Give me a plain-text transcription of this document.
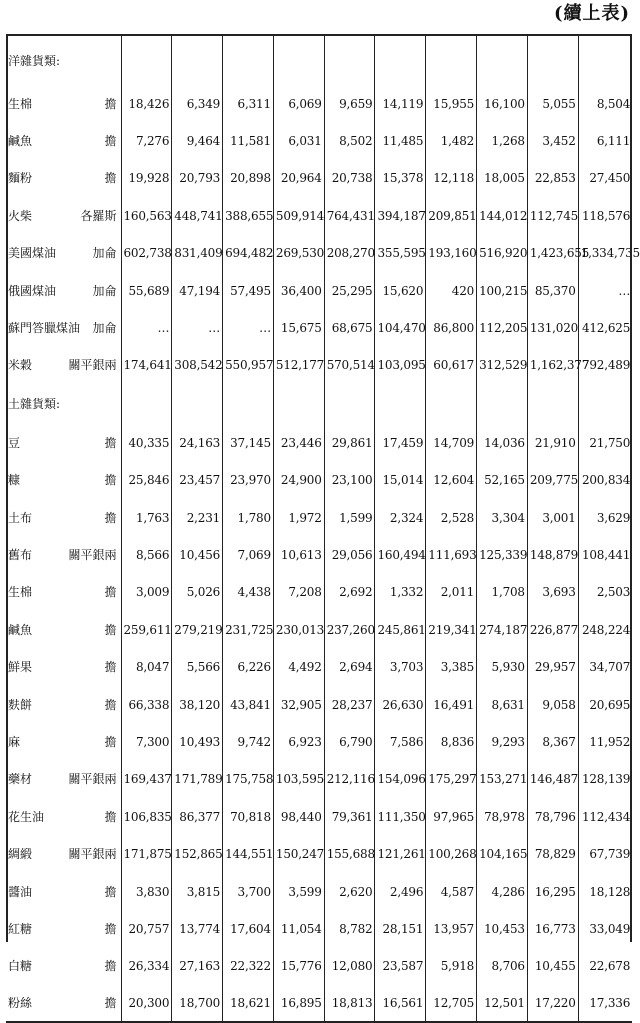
(續上表)
洋雜貨類:										

生棉 擔	18,426	6,349	6,311	6,069	9,659	14,119	15,955	16,100	5,055	8,504

鹹魚 擔	7,276	9,464	11,581	6,031	8,502	11,485	1,482	1,268	3,452	6,111

麵粉 擔	19,928	20,793	20,898	20,964	20,738	15,378	12,118	18,005	22,853	27,450

火柴 各羅斯	160,563	448,741	388,655	509,914	764,431	394,187	209,851	144,012	112,745	118,576

美國煤油 加侖	602,738	831,409	694,482	269,530	208,270	355,595	193,160	516,920	1,423,655	1,334,735

俄國煤油 加侖	55,689	47,194	57,495	36,400	25,295	15,620	420	100,215	85,370	…

蘇門答臘煤油 加侖	…	…	…	15,675	68,675	104,470	86,800	112,205	131,020	412,625

米穀 關平銀兩	174,641	308,542	550,957	512,177	570,514	103,095	60,617	312,529	1,162,377	792,489
土雜貨類:										

豆 擔	40,335	24,163	37,145	23,446	29,861	17,459	14,709	14,036	21,910	21,750

糠 擔	25,846	23,457	23,970	24,900	23,100	15,014	12,604	52,165	209,775	200,834

土布 擔	1,763	2,231	1,780	1,972	1,599	2,324	2,528	3,304	3,001	3,629

舊布 關平銀兩	8,566	10,456	7,069	10,613	29,056	160,494	111,693	125,339	148,879	108,441

生棉 擔	3,009	5,026	4,438	7,208	2,692	1,332	2,011	1,708	3,693	2,503

鹹魚 擔	259,611	279,219	231,725	230,013	237,260	245,861	219,341	274,187	226,877	248,224

鮮果 擔	8,047	5,566	6,226	4,492	2,694	3,703	3,385	5,930	29,957	34,707

麩餅 擔	66,338	38,120	43,841	32,905	28,237	26,630	16,491	8,631	9,058	20,695

麻 擔	7,300	10,493	9,742	6,923	6,790	7,586	8,836	9,293	8,367	11,952

藥材 關平銀兩	169,437	171,789	175,758	103,595	212,116	154,096	175,297	153,271	146,487	128,139

花生油 擔	106,835	86,377	70,818	98,440	79,361	111,350	97,965	78,978	78,796	112,434

綢緞 關平銀兩	171,875	152,865	144,551	150,247	155,688	121,261	100,268	104,165	78,829	67,739

醬油 擔	3,830	3,815	3,700	3,599	2,620	2,496	4,587	4,286	16,295	18,128

紅糖 擔	20,757	13,774	17,604	11,054	8,782	28,151	13,957	10,453	16,773	33,049

白糖 擔	26,334	27,163	22,322	15,776	12,080	23,587	5,918	8,706	10,455	22,678

粉絲 擔	20,300	18,700	18,621	16,895	18,813	16,561	12,705	12,501	17,220	17,336
